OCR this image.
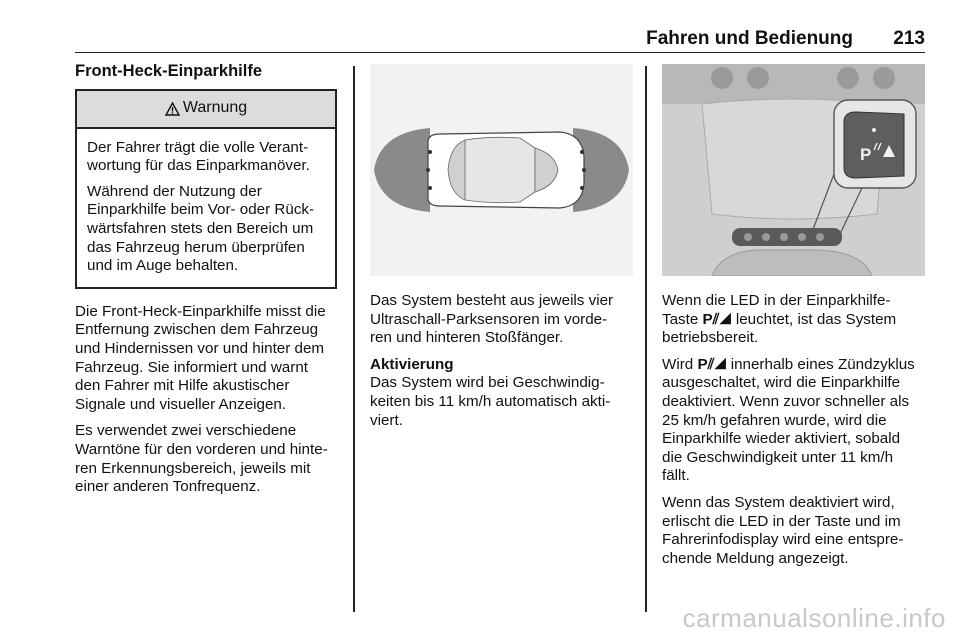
Fahren und Bedienung 213
Front-Heck-Einparkhilfe
Warnung

Der Fahrer trägt die volle Verant-
wortung für das Einparkmanöver.

Während der Nutzung der
Einparkhilfe beim Vor- oder Rück-
wärtsfahren stets den Bereich um
das Fahrzeug herum überprüfen
und im Auge behalten.

Die Front-Heck-Einparkhilfe misst die
Entfernung zwischen dem Fahrzeug
und Hindernissen vor und hinter dem
Fahrzeug. Sie informiert und warnt
den Fahrer mit Hilfe akustischer
Signale und visueller Anzeigen.

Es verwendet zwei verschiedene
Warntöne für den vorderen und hinte-
ren Erkennungsbereich, jeweils mit
einer anderen Tonfrequenz.

Das System besteht aus jeweils vier
Ultraschall-Parksensoren im vorde-
ren und hinteren Stoßfänger.

Aktivierung

Das System wird bei Geschwindig-
keiten bis 11 km/h automatisch akti-
viert.

P

Wenn die LED in der Einparkhilfe-
Taste P⫽◢ leuchtet, ist das System
betriebsbereit.

Wird P⫽◢ innerhalb eines Zündzyklus
ausgeschaltet, wird die Einparkhilfe
deaktiviert. Wenn zuvor schneller als
25 km/h gefahren wurde, wird die
Einparkhilfe wieder aktiviert, sobald
die Geschwindigkeit unter 11 km/h
fällt.

Wenn das System deaktiviert wird,
erlischt die LED in der Taste und im
Fahrerinfodisplay wird eine entspre-
chende Meldung angezeigt.

carmanualsonline.info
